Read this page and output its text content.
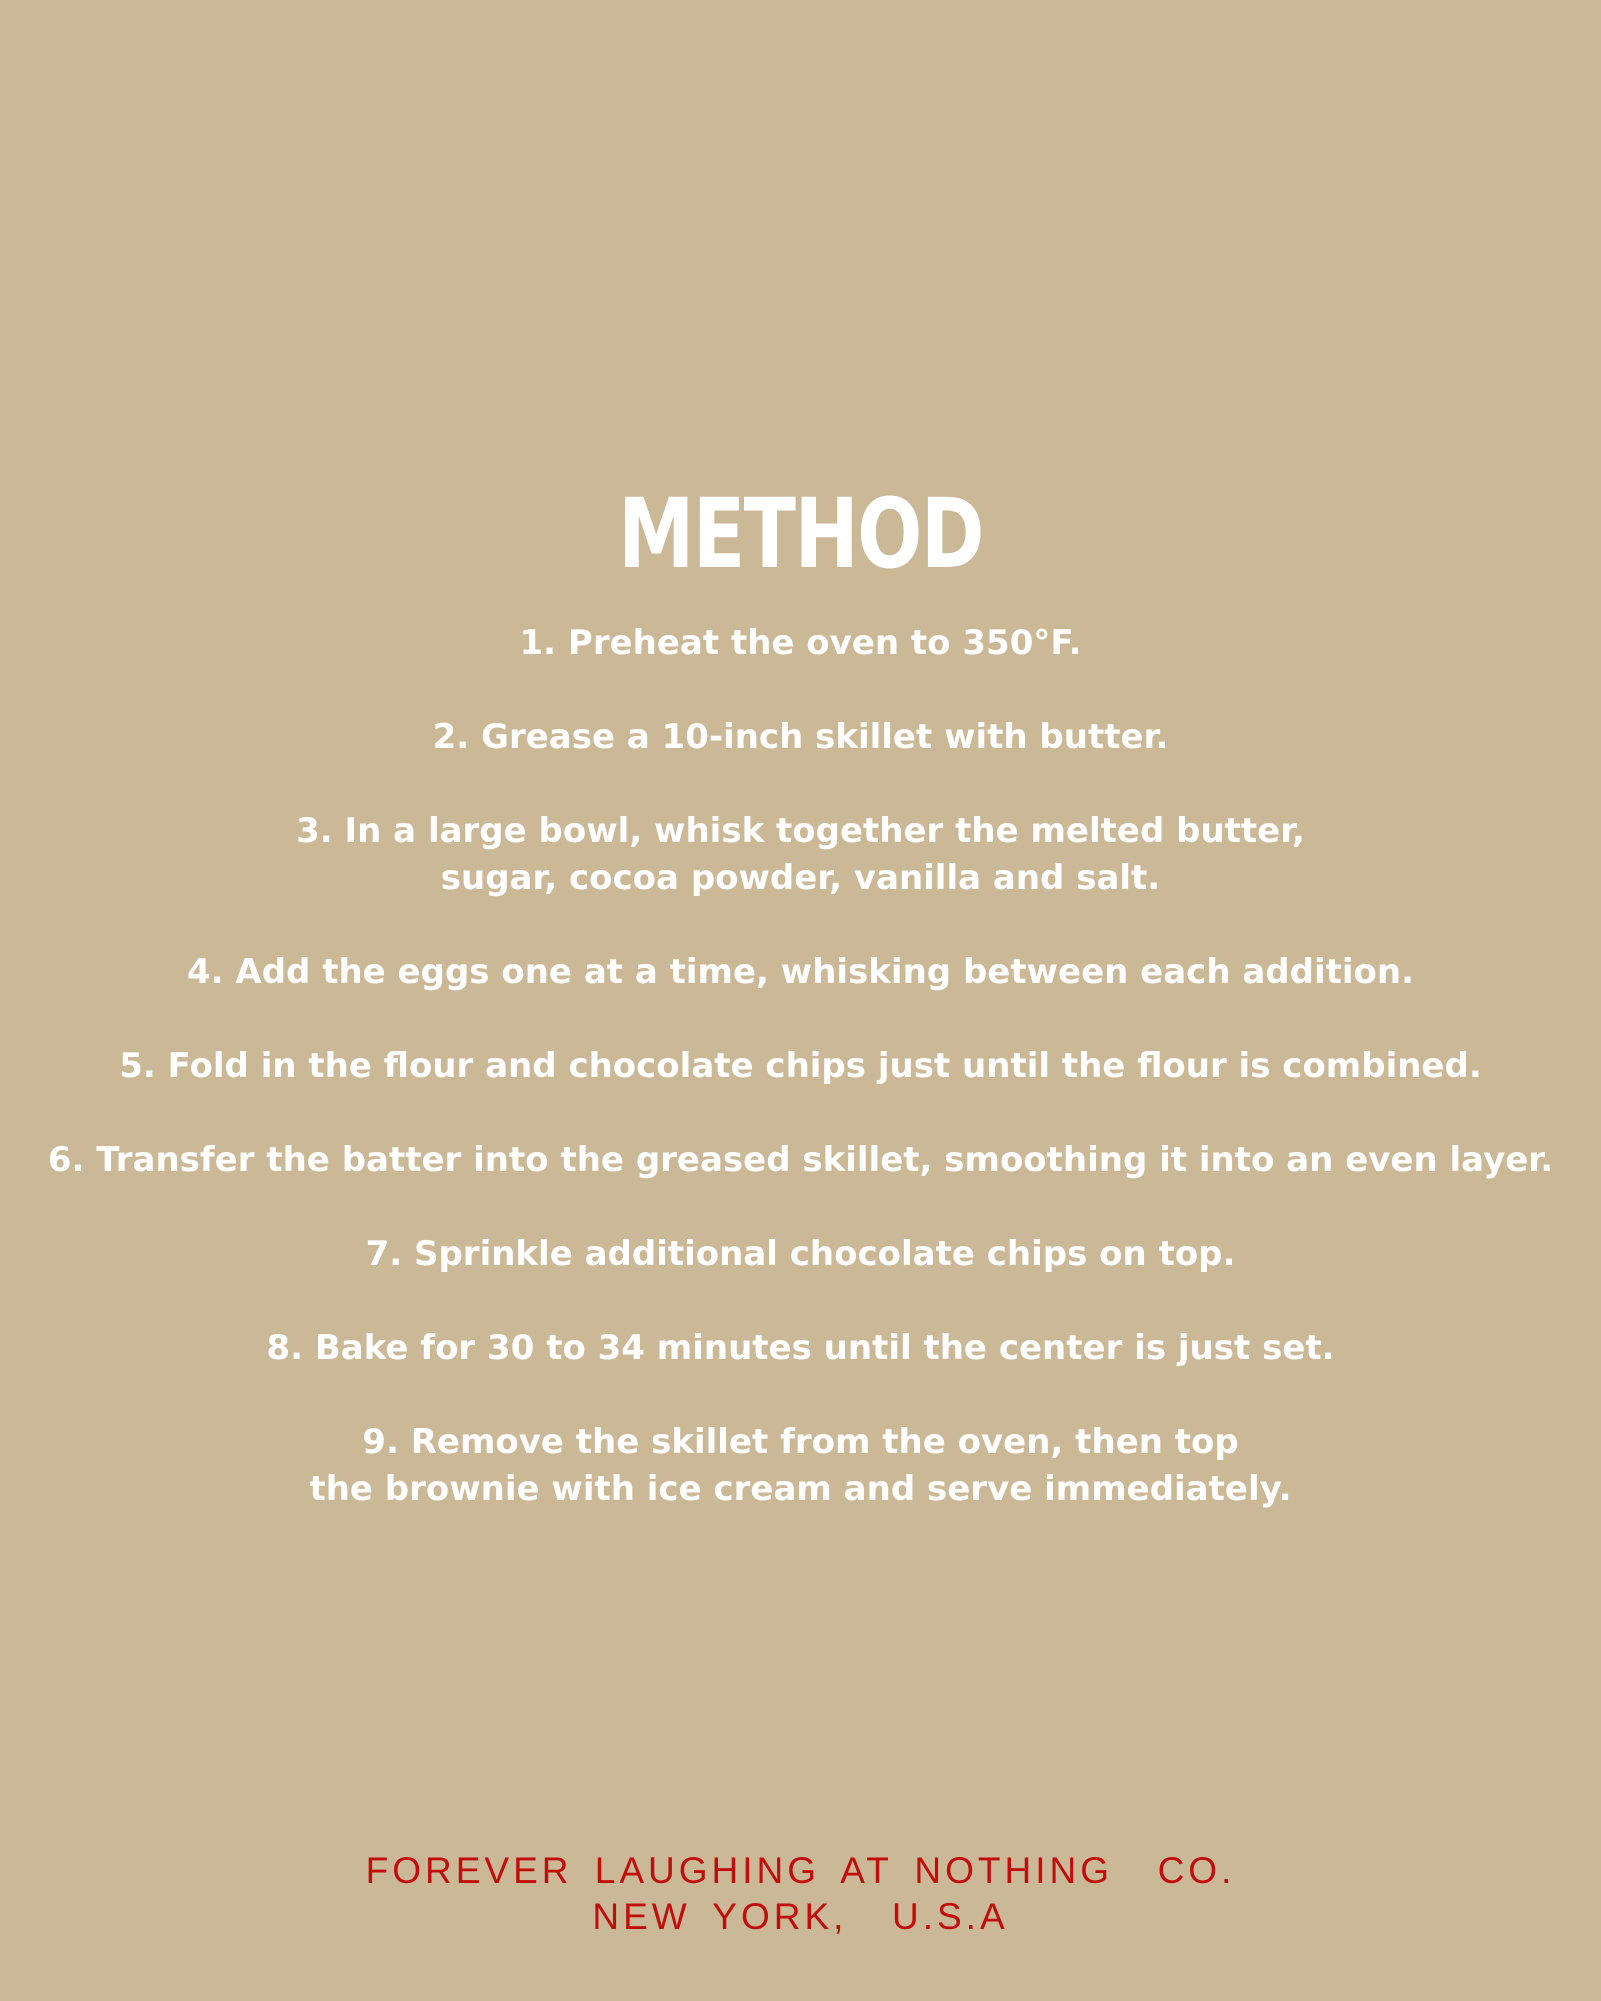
METHOD
1. Preheat the oven to 350°F.
2. Grease a 10-inch skillet with butter.
3. In a large bowl, whisk together the melted butter,
sugar, cocoa powder, vanilla and salt.
4. Add the eggs one at a time, whisking between each addition.
5. Fold in the flour and chocolate chips just until the flour is combined.
6. Transfer the batter into the greased skillet, smoothing it into an even layer.
7. Sprinkle additional chocolate chips on top.
8. Bake for 30 to 34 minutes until the center is just set.
9. Remove the skillet from the oven, then top
the brownie with ice cream and serve immediately.
FOREVER LAUGHING AT NOTHING  CO.
NEW YORK,  U.S.A
